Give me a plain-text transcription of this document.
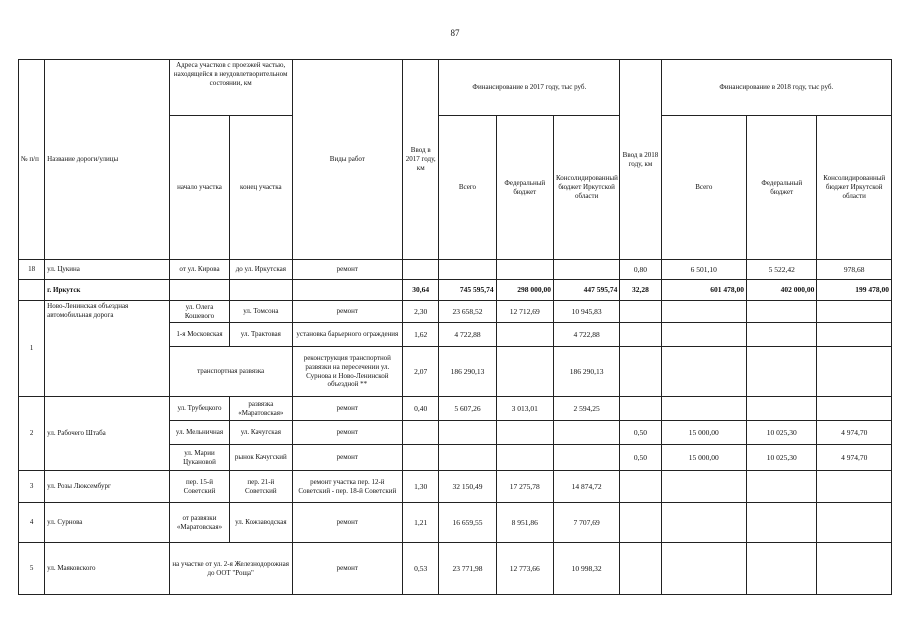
87
№ п/п	Название дороги/улицы	Адреса участков с проезжей частью, находящейся в неудовлетворительном состоянии, км		Виды работ	Ввод в 2017 году, км	Финансирование в 2017 году, тыс руб.			Ввод в 2018 году, км	Финансирование в 2018 году, тыс руб.		
		начало участка	конец участка			Всего	Федеральный бюджет	Консолидированный бюджет Иркутской области		Всего	Федеральный бюджет	Консолидированный бюджет Иркутской области
18	ул. Цукина	от ул. Кирова	до ул. Иркутская	ремонт					0,80	6 501,10	5 522,42	978,68
	г. Иркутск				30,64	745 595,74	298 000,00	447 595,74	32,28	601 478,00	402 000,00	199 478,00
1	Ново-Ленинская объездная автомобильная дорога	ул. Олега Кошевого	ул. Томсона	ремонт	2,30	23 658,52	12 712,69	10 945,83				
		1-я Московская	ул. Трактовая	установка барьерного ограждения	1,62	4 722,88		4 722,88				
		транспортная развязка		реконструкция транспортной развязки на пересечении ул. Сурнова и Ново-Ленинской объездной **	2,07	186 290,13		186 290,13				
2	ул. Рабочего Штаба	ул. Трубецкого	развязка «Маратовская»	ремонт	0,40	5 607,26	3 013,01	2 594,25				
		ул. Мельничная	ул. Качугская	ремонт					0,50	15 000,00	10 025,30	4 974,70
		ул. Марии Цукановой	рынок Качугский	ремонт					0,50	15 000,00	10 025,30	4 974,70
3	ул. Розы Люксембург	пер. 15-й Советский	пер. 21-й Советский	ремонт участка пер. 12-й Советский - пер. 18-й Советский	1,30	32 150,49	17 275,78	14 874,72				
4	ул. Сурнова	от развязки «Маратовская»	ул. Кожзаводская	ремонт	1,21	16 659,55	8 951,86	7 707,69				
5	ул. Маяковского	на участке от ул. 2-я Железнодорожная до ООТ "Роща"		ремонт	0,53	23 771,98	12 773,66	10 998,32				
